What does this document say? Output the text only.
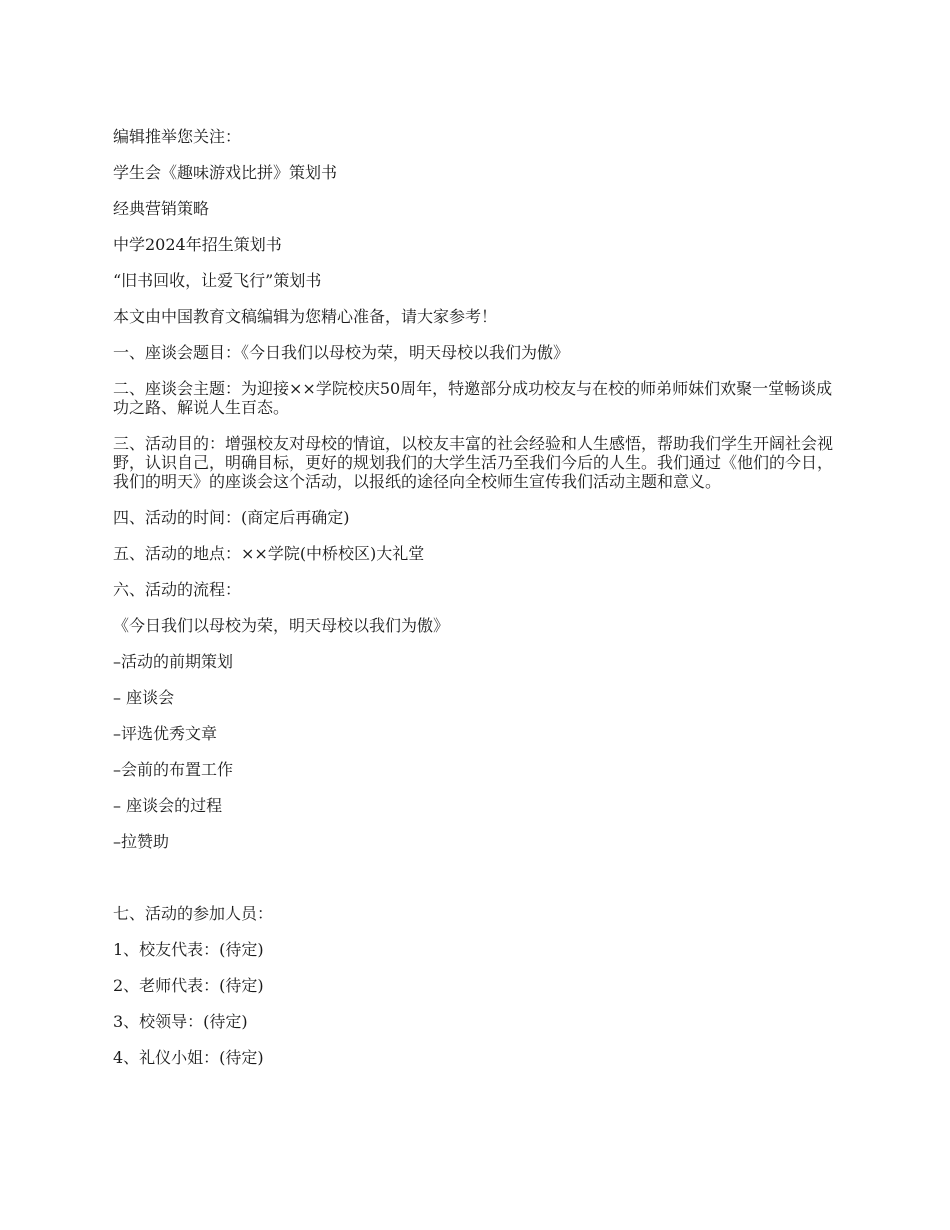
编辑推举您关注：

学生会《趣味游戏比拼》策划书

经典营销策略

中学2024年招生策划书

“旧书回收，让爱飞行”策划书

本文由中国教育文稿编辑为您精心准备，请大家参考！

一、座谈会题目：《今日我们以母校为荣，明天母校以我们为傲》

二、座谈会主题：为迎接××学院校庆50周年，特邀部分成功校友与在校的师弟师妹们欢聚一堂畅谈成功之路、解说人生百态。

三、活动目的：增强校友对母校的情谊，以校友丰富的社会经验和人生感悟，帮助我们学生开阔社会视野，认识自己，明确目标，更好的规划我们的大学生活乃至我们今后的人生。我们通过《他们的今日，我们的明天》的座谈会这个活动，以报纸的途径向全校师生宣传我们活动主题和意义。

四、活动的时间：(商定后再确定)

五、活动的地点：××学院(中桥校区)大礼堂

六、活动的流程：

《今日我们以母校为荣，明天母校以我们为傲》

–活动的前期策划

– 座谈会

–评选优秀文章

–会前的布置工作

– 座谈会的过程

–拉赞助

七、活动的参加人员：

1、校友代表：(待定)

2、老师代表：(待定)

3、校领导：(待定)

4、礼仪小姐：(待定)
